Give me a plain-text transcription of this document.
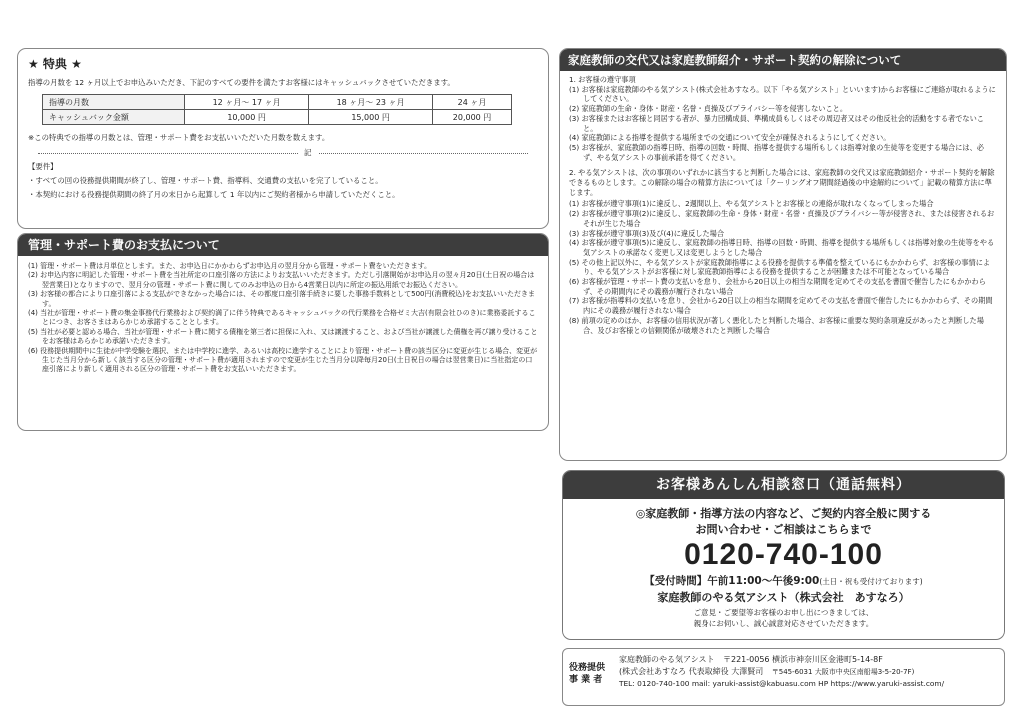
★ 特典 ★
指導の月数を 12 ヶ月以上でお申込みいただき、下記のすべての要件を満たすお客様にはキャッシュバックさせていただきます。
指導の月数	12 ヶ月～ 17 ヶ月	18 ヶ月～ 23 ヶ月	24 ヶ月
キャッシュバック金額	10,000 円	15,000 円	20,000 円
※この特典での指導の月数とは、管理・サポート費をお支払いいただいた月数を数えます。
記
【要件】
・すべての回の役務提供期間が終了し、管理・サポート費、指導料、交通費の支払いを完了していること。
・本契約における役務提供期間の終了月の末日から起算して 1 年以内にご契約者様から申請していただくこと。
管理・サポート費のお支払について
(1) 管理・サポート費は月単位とします。また、お申込日にかかわらずお申込月の翌月分から管理・サポート費をいただきます。
(2) お申込内容に明記した管理・サポート費を当社所定の口座引落の方法によりお支払いいただきます。ただし引落開始がお申込月の翌々月20日(土日祝の場合は翌営業日)となりますので、翌月分の管理・サポート費に関してのみお申込の日から4営業日以内に所定の振込用紙でお振込ください。
(3) お客様の都合により口座引落による支払ができなかった場合には、その都度口座引落手続きに要した事務手数料として500円(消費税込)をお支払いいただきます。
(4) 当社が管理・サポート費の集金事務代行業務および契約満了に伴う特典であるキャッシュバックの代行業務を合格ゼミ大吉(有限会社ひのき)に業務委託することにつき、お客さまはあらかじめ承諾することとします。
(5) 当社が必要と認める場合、当社が管理・サポート費に関する債権を第三者に担保に入れ、又は譲渡すること、および当社が譲渡した債権を再び譲り受けることをお客様はあらかじめ承諾いただきます。
(6) 役務提供期間中に生徒が中学受験を選択、または中学校に進学、あるいは高校に進学することにより管理・サポート費の該当区分に変更が生じる場合、変更が生じた当月分から新しく該当する区分の管理・サポート費が適用されますので変更が生じた当月分以降毎月20日(土日祝日の場合は翌営業日)に当社指定の口座引落により新しく適用される区分の管理・サポート費をお支払いいただきます。
家庭教師の交代又は家庭教師紹介・サポート契約の解除について
1. お客様の遵守事項
(1) お客様は家庭教師のやる気アシスト(株式会社あすなろ。以下「やる気アシスト」といいます)からお客様にご連絡が取れるようにしてください。
(2) 家庭教師の生命・身体・財産・名誉・貞操及びプライバシー等を侵害しないこと。
(3) お客様またはお客様と同居する者が、暴力団構成員、準構成員もしくはその周辺者又はその他反社会的活動をする者でないこと。
(4) 家庭教師による指導を提供する場所までの交通について安全が確保されるようにしてください。
(5) お客様が、家庭教師の指導日時、指導の回数・時間、指導を提供する場所もしくは指導対象の生徒等を変更する場合には、必ず、やる気アシストの事前承諾を得てください。
2. やる気アシストは、次の事項のいずれかに該当すると判断した場合には、家庭教師の交代又は家庭教師紹介・サポート契約を解除できるものとします。この解除の場合の精算方法については「クーリングオフ期間経過後の中途解約について」記載の精算方法に準じます。
(1) お客様が遵守事項(1)に違反し、2週間以上、やる気アシストとお客様との連絡が取れなくなってしまった場合
(2) お客様が遵守事項(2)に違反し、家庭教師の生命・身体・財産・名誉・貞操及びプライバシー等が侵害され、または侵害されるおそれが生じた場合
(3) お客様が遵守事項(3)及び(4)に違反した場合
(4) お客様が遵守事項(5)に違反し、家庭教師の指導日時、指導の回数・時間、指導を提供する場所もしくは指導対象の生徒等をやる気アシストの承諾なく変更し又は変更しようとした場合
(5) その他上記以外に、やる気アシストが家庭教師指導による役務を提供する準備を整えているにもかかわらず、お客様の事情により、やる気アシストがお客様に対し家庭教師指導による役務を提供することが困難または不可能となっている場合
(6) お客様が管理・サポート費の支払いを怠り、会社から20日以上の相当な期間を定めてその支払を書面で催告したにもかかわらず、その期間内にその義務が履行されない場合
(7) お客様が指導料の支払いを怠り、会社から20日以上の相当な期間を定めてその支払を書面で催告したにもかかわらず、その期間内にその義務が履行されない場合
(8) 前項の定めのほか、お客様の信用状況が著しく悪化したと判断した場合、お客様に重要な契約条項違反があったと判断した場合、及びお客様との信頼関係が破壊されたと判断した場合
お客様あんしん相談窓口（通話無料）
◎家庭教師・指導方法の内容など、ご契約内容全般に関する
お問い合わせ・ご相談はこちらまで
0120-740-100
【受付時間】午前11:00～午後9:00(土日・祝も受付けております)
家庭教師のやる気アシスト（株式会社　あすなろ）
ご意見・ご要望等お客様のお申し出につきましては、
親身にお伺いし、誠心誠意対応させていただきます。
役務提供
事 業 者
家庭教師のやる気アシスト 〒221-0056 横浜市神奈川区金港町5-14-8F
(株式会社あすなろ 代表取締役 大澤賢司 〒545-6031 大阪市中央区南船場3-5-20-7F)
TEL: 0120-740-100 mail: yaruki-assist@kabuasu.com HP https://www.yaruki-assist.com/
